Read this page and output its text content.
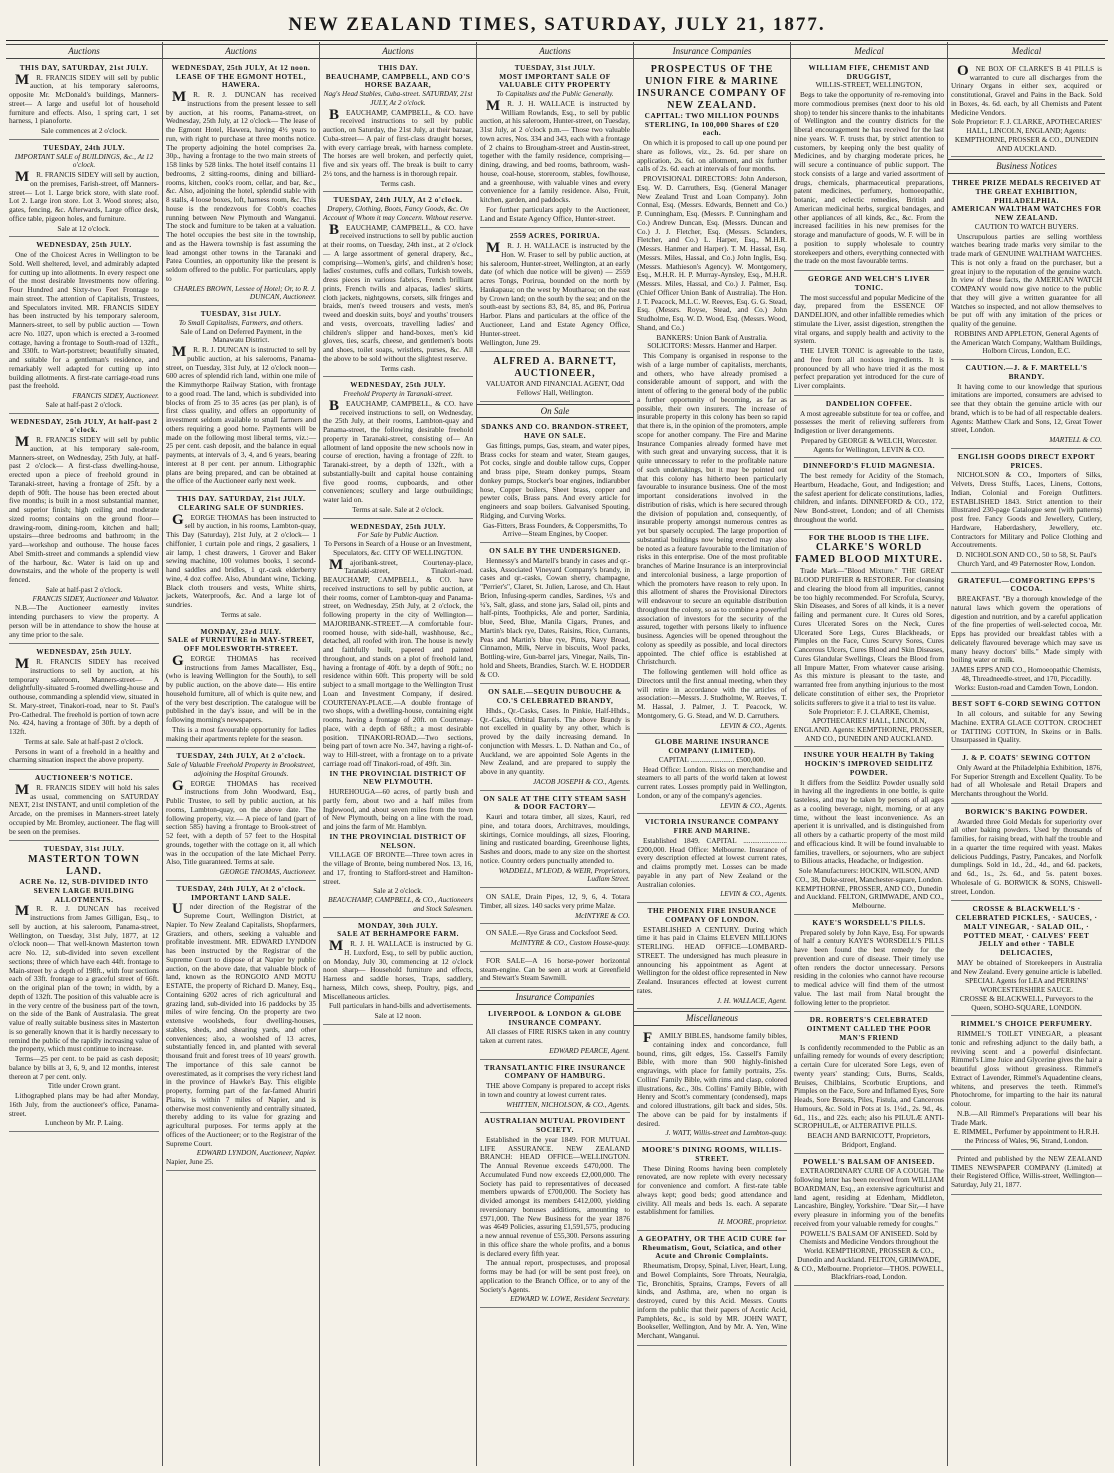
NEW ZEALAND TIMES, SATURDAY, JULY 21, 1877.
Auctions
THIS DAY, SATURDAY, 21st JULY.

MR. FRANCIS SIDEY will sell by public auction, at his temporary salerooms, opposite Mr. McDonald's buildings, Manners-street— A large and useful lot of household furniture and effects. Also, 1 spring cart, 1 set harness, 1 pianoforte.

Sale commences at 2 o'clock.
TUESDAY, 24th JULY.
IMPORTANT SALE of BUILDINGS, &c., At 12 o'clock.

MR. FRANCIS SIDEY will sell by auction, on the premises, Farish-street, off Manners-street— Lot 1. Large brick store, with slate roof. Lot 2. Large iron store. Lot 3. Wood stores; also, gates, fencing, &c. Afterwards, Large office desk, office table, pigeon holes, and furniture.

Sale at 12 o'clock.
WEDNESDAY, 25th JULY.

One of the Choicest Acres in Wellington to be Sold. Well sheltered, level, and admirably adapted for cutting up into allotments. In every respect one of the most desirable Investments now offering. Four Hundred and Sixty-two Feet Frontage to main street. The attention of Capitalists, Trustees, and Speculators invited. MR. FRANCIS SIDEY has been instructed by his temporary saleroom, Manners-street, to sell by public auction — Town acre No. 1027, upon which is erected a 3-roomed cottage, having a frontage to South-road of 132ft., and 330ft. to Wart-portstreet; beautifully situated, and suitable for a gentleman's residence, and remarkably well adapted for cutting up into building allotments. A first-rate carriage-road runs past the freehold.

FRANCIS SIDEY, Auctioneer.
Sale at half-past 2 o'clock.
WEDNESDAY, 25th JULY, At half-past 2 o'clock.

MR. FRANCIS SIDEY will sell by public auction, at his temporary sale-room, Manners-street, on Wednesday, 25th July, at half-past 2 o'clock— A first-class dwelling-house, erected upon a piece of freehold ground in Taranaki-street, having a frontage of 25ft. by a depth of 90ft. The house has been erected about five months; is built in a most substantial manner, and superior finish; high ceiling and moderate sized rooms; contains on the ground floor—drawing-room, dining-room, kitchen and hall; upstairs—three bedrooms and bathroom; in the yard—workshop and outhouse. The house faces Abel Smith-street and commands a splendid view of the harbour, &c. Water is laid on up and downstairs, and the whole of the property is well fenced.

Sale at half-past 2 o'clock.
FRANCIS SIDEY, Auctioneer and Valuator.

N.B.—The Auctioneer earnestly invites intending purchasers to view the property. A person will be in attendance to show the house at any time prior to the sale.

WEDNESDAY, 25th JULY.

MR. FRANCIS SIDEY has received instructions to sell by auction, at his temporary saleroom, Manners-street— A delightfully-situated 5-roomed dwelling-house and outhouse, commanding a splendid view, situated in St. Mary-street, Tinakori-road, near to St. Paul's Pro-Cathedral. The freehold is portion of town acre No. 424, having a frontage of 30ft. by a depth of 132ft.

Terms at sale. Sale at half-past 2 o'clock.

Persons in want of a freehold in a healthy and charming situation inspect the above property.

AUCTIONEER'S NOTICE.

MR. FRANCIS SIDEY will hold his sales as usual, commencing on SATURDAY NEXT, 21st INSTANT, and until completion of the Arcade, on the premises in Manners-street lately occupied by Mr. Bromley, auctioneer. The flag will be seen on the premises.

TUESDAY, 31st JULY.
MASTERTON TOWN LAND.
ACRE No. 12, SUB-DIVIDED INTO SEVEN LARGE BUILDING ALLOTMENTS.

MR. R. J. DUNCAN has received instructions from James Gilligan, Esq., to sell by auction, at his saleroom, Panama-street, Wellington, on Tuesday, 31st July, 1877, at 12 o'clock noon— That well-known Masterton town acre No. 12, sub-divided into seven excellent sections; three of which have each 44ft. frontage to Main-street by a depth of 198ft., with four sections each of 33ft. frontage to a graceful street of 66ft. on the original plan of the town; in width, by a depth of 132ft. The position of this valuable acre is in the very centre of the business part of the town, on the side of the Bank of Australasia. The great value of really suitable business sites in Masterton is so generally known that it is hardly necessary to remind the public of the rapidly increasing value of the property, which must continue to increase.

Terms—25 per cent. to be paid as cash deposit; balance by bills at 3, 6, 9, and 12 months, interest thereon at 7 per cent. only.

Title under Crown grant.

Lithographed plans may be had after Monday, 16th July, from the auctioneer's office, Panama-street.

Luncheon by Mr. P. Laing.
Auctions
WEDNESDAY, 25th JULY, At 12 noon.
LEASE OF THE EGMONT HOTEL, HAWERA.

MR. R. J. DUNCAN has received instructions from the present lessee to sell by auction, at his rooms, Panama-street, on Wednesday, 25th July, at 12 o'clock— The lease of the Egmont Hotel, Hawera, having 4½ years to run, with right to purchase at three months notice. The property adjoining the hotel comprises 2a. 30p., having a frontage to the two main streets of 158 links by 528 links. The hotel itself contains 11 bedrooms, 2 sitting-rooms, dining and billiard-rooms, kitchen, cook's room, cellar, and bar, &c., &c. Also, adjoining the hotel, splendid stable with 8 stalls, 4 loose boxes, loft, harness room, &c. This house is the rendezvous for Cobb's coaches running between New Plymouth and Wanganui. The stock and furniture to be taken at a valuation. The hotel occupies the best site in the township, and as the Hawera township is fast assuming the lead amongst other towns in the Taranaki and Patea Counties, an opportunity like the present is seldom offered to the public. For particulars, apply to

CHARLES BROWN, Lessee of Hotel; Or, to R. J. DUNCAN, Auctioneer.
TUESDAY, 31st JULY.
To Small Capitalists, Farmers, and others.
Sale of Land on Deferred Payment, in the Manawatu District.

MR. R. J. DUNCAN is instructed to sell by public auction, at his salerooms, Panama-street, on Tuesday, 31st July, at 12 o'clock noon— 600 acres of splendid rich land, within one mile of the Kimmythorpe Railway Station, with frontage to a good road. The land, which is subdivided into blocks of from 25 to 35 acres (as per plan), is of first class quality, and offers an opportunity of investment seldom available to small farmers and others requiring a good home. Payments will be made on the following most liberal terms, viz.:—25 per cent. cash deposit, and the balance in equal payments, at intervals of 3, 4, and 6 years, bearing interest at 8 per cent. per annum. Lithographic plans are being prepared, and can be obtained at the office of the Auctioneer early next week.

THIS DAY. SATURDAY, 21st JULY.
CLEARING SALE OF SUNDRIES.

GEORGE THOMAS has been instructed to sell by auction, in his rooms, Lambton-quay, This Day (Saturday), 21st July, at 2 o'clock— 1 chiffonier, 1 curtain pole and rings, 2 gasaliers, 1 air lamp, 1 chest drawers, 1 Grover and Baker sewing machine, 100 volumes books, 1 second-hand saddles and bridles, 1 qr.-cask elderberry wine, 4 doz coffee. Also, Abundant wine, Ticking, Black cloth trousers and vests, White shirts, jackets, Waterproofs, &c. And a large lot of sundries.

Terms at sale.
MONDAY, 23rd JULY.
SALE of FURNITURE in MAY-STREET, OFF MOLESWORTH-STREET.

GEORGE THOMAS has received instructions from James Macallister, Esq., (who is leaving Wellington for the South), to sell by public auction, on the above date— His entire household furniture, all of which is quite new, and of the very best description. The catalogue will be published in the day's issue, and will be in the following morning's newspapers.

This is a most favourable opportunity for ladies making their apartments replete for the season.

TUESDAY, 24th JULY, At 2 o'clock.
Sale of Valuable Freehold Property in Brookstreet, adjoining the Hospital Grounds.

GEORGE THOMAS has received instructions from John Woodward, Esq., Public Trustee, to sell by public auction, at his rooms, Lambton-quay, on the above date. The following property, viz.— A piece of land (part of section 585) having a frontage to Brook-street of 52 feet, with a depth of 57 feet to the Hospital grounds, together with the cottage on it, all which was in the occupation of the late Michael Perry. Also, Title guaranteed. Terms at sale.

GEORGE THOMAS, Auctioneer.
TUESDAY, 24th JULY, At 2 o'clock.
IMPORTANT LAND SALE.

Under direction of the Registrar of the Supreme Court, Wellington District, at Napier. To New Zealand Capitalists, Shopfarmers, Graziers, and others, seeking a valuable and profitable investment. MR. EDWARD LYNDON has been instructed by the Registrar of the Supreme Court to dispose of at Napier by public auction, on the above date, that valuable block of land, known as the RONGOIO AND MOTU ESTATE, the property of Richard D. Maney, Esq., Containing 6202 acres of rich agricultural and grazing land, sub-divided into 16 paddocks by 35 miles of wire fencing. On the property are two extensive woolsheds, four dwelling-houses, stables, sheds, and shearing yards, and other conveniences; also, a woolshed of 13 acres, substantially fenced in, and planted with several thousand fruit and forest trees of 10 years' growth. The importance of this sale cannot be overestimated, as it comprises the very richest land in the province of Hawke's Bay. This eligible property, forming part of the far-famed Ahuriri Plains, is within 7 miles of Napier, and is otherwise most conveniently and centrally situated, thereby adding to its value for grazing and agricultural purposes. For terms apply at the offices of the Auctioneer; or to the Registrar of the Supreme Court.

EDWARD LYNDON, Auctioneer, Napier.
Napier, June 25.
Auctions
THIS DAY.
BEAUCHAMP, CAMPBELL, AND CO'S HORSE BAZAAR,
Nag's Head Stables, Cuba-street. SATURDAY, 21st JULY, At 2 o'clock.

BEAUCHAMP, CAMPBELL, & CO. have received instructions to sell by public auction, on Saturday, the 21st July, at their bazaar, Cuba-street— A pair of first-class draught horses, with every carriage break, with harness complete. The horses are well broken, and perfectly quiet, five and six years off. The break is built to carry 2½ tons, and the harness is in thorough repair.

Terms cash.
TUESDAY, 24th JULY, At 2 o'clock.
Drapery, Clothing, Boots, Fancy Goods, &c. On Account of Whom it may Concern. Without reserve.

BEAUCHAMP, CAMPBELL, & CO. have received instructions to sell by public auction at their rooms, on Tuesday, 24th inst., at 2 o'clock— A large assortment of general drapery, &c., comprising—Women's, girls', and children's hose; ladies' costumes, cuffs and collars, Turkish towels, dress pieces in various fabrics, French brilliant prints, French twills and alpacas, ladies' skirts, cloth jackets, nightgowns, corsets, silk fringes and braids, men's tweed trousers and vests, men's tweed and doeskin suits, boys' and youths' trousers and vests, overcoats, travelling ladies' and children's slipper and hand-boxes, men's kid gloves, ties, scarfs, cheese, and gentlemen's boots and shoes, toilet soaps, wristlets, purses, &c. All the above to be sold without the slightest reserve.

Terms cash.
WEDNESDAY, 25th JULY.
Freehold Property in Taranaki-street.

BEAUCHAMP, CAMPBELL, & CO. have received instructions to sell, on Wednesday, the 25th July, at their rooms, Lambton-quay and Panama-street, the following desirable freehold property in Taranaki-street, consisting of— An allotment of land opposite the new schools now in course of erection, having a frontage of 22ft. to Taranaki-street, by a depth of 132ft., with a substantially-built and capital house containing five good rooms, cupboards, and other conveniences; scullery and large outbuildings; water laid on.

Terms at sale. Sale at 2 o'clock.
WEDNESDAY, 25th JULY.
For Sale by Public Auction.
To Persons in Search of a House or an Investment, Speculators, &c. CITY OF WELLINGTON.

Majoribank-street, Courtenay-place, Taranaki-street, Tinakori-road. BEAUCHAMP, CAMPBELL, & CO. have received instructions to sell by public auction, at their rooms, corner of Lambton-quay and Panama-street, on Wednesday, 25th July, at 2 o'clock, the following property in the city of Wellington— MAJORIBANK-STREET.—A comfortable four-roomed house, with side-hall, washhouse, &c., detached, all roofed with iron. The house is newly and faithfully built, papered and painted throughout, and stands on a plot of freehold land, having a frontage of 40ft. by a depth of 90ft.; no residence within 60ft. This property will be sold subject to a small mortgage to the Wellington Trust Loan and Investment Company, if desired. COURTENAY-PLACE.—A double frontage of two shops, with a dwelling-house, containing eight rooms, having a frontage of 20ft. on Courtenay-place, with a depth of 68ft.; a most desirable position. TINAKORI-ROAD.—Two sections, being part of town acre No. 347, having a right-of-way to Hill-street, with a frontage on to a private carriage road off Tinakori-road, of 49ft. 3in.

IN THE PROVINCIAL DISTRICT OF NEW PLYMOUTH.

HUREHOUGA—60 acres, of partly bush and partly fern, about two and a half miles from Inglewood, and about seven miles from the town of New Plymouth, being on a line with the road, and joins the farm of Mr. Hamblyn.

IN THE PROVINCIAL DISTRICT OF NELSON.

VILLAGE OF BRONTE—Three town acres in the village of Bronte, being numbered Nos. 13, 16, and 17, fronting to Stafford-street and Hamilton-street.

Sale at 2 o'clock.
BEAUCHAMP, CAMPBELL, & CO., Auctioneers and Stock Salesmen.
MONDAY, 30th JULY.
SALE AT BERHAMPORE FARM.

MR. J. H. WALLACE is instructed by G. H. Luxford, Esq., to sell by public auction, on Monday, July 30, commencing at 12 o'clock noon sharp— Household furniture and effects, Harness and saddle horses, Traps, saddlery, harness, Milch cows, sheep, Poultry, pigs, and Miscellaneous articles.

Full particulars in hand-bills and advertisements.

Sale at 12 noon.
Auctions
TUESDAY, 31st JULY.
MOST IMPORTANT SALE OF VALUABLE CITY PROPERTY
To Capitalists and the Public Generally.

MR. J. H. WALLACE is instructed by William Rowlands, Esq., to sell by public auction, at his saleroom, Hunter-street, on Tuesday, 31st July, at 2 o'clock p.m.— Those two valuable town acres, Nos. 334 and 343, each with a frontage of 2 chains to Brougham-street and Austin-street, together with the family residence, comprising—dining, drawing, and bed rooms, bathroom, wash-house, coal-house, storeroom, stables, fowlhouse, and a greenhouse, with valuable vines and every convenience for a family residence. Also, Fruit, kitchen, garden, and paddocks.

For further particulars apply to the Auctioneer, Land and Estate Agency Office, Hunter-street.

2559 ACRES, PORIRUA.

MR. J. H. WALLACE is instructed by the Hon. W. Fraser to sell by public auction, at his saleroom, Hunter-street, Wellington, at an early date (of which due notice will be given) — 2559 acres Tongs, Porirua, bounded on the north by Haukapaua; on the west by Moutharoa; on the east by Crown land; on the south by the sea; and on the south-east by sections 83, 84, 85, and 86, Porirua Harbor. Plans and particulars at the office of the Auctioneer, Land and Estate Agency Office, Hunter-street.

Wellington, June 29.
ALFRED A. BARNETT, AUCTIONEER,
VALUATOR AND FINANCIAL AGENT, Odd Fellows' Hall, Wellington.
On Sale
SDANKS AND CO. BRANDON-STREET, HAVE ON SALE.

Gas fittings, pumps, Gas, steam, and water pipes, Brass cocks for steam and water, Steam gauges, Pot cocks, single and double tallow cups, Copper and brass pipe, Steam donkey pumps, Steam donkey pumps, Stocker's boar engines, indiarubber hose, Copper boilers, Sheet brass, copper and pewter coils, Brass pans. And every article for engineers and soap boilers. Galvanised Spouting, Ridging, and Curving Works.

Gas-Fitters, Brass Founders, & Coppersmiths, To Arrive—Steam Engines, by Cooper.
ON SALE BY THE UNDERSIGNED.

Hennessy's and Martell's brandy in cases and qr.-casks, Associated Vineyard Company's brandy, in cases and qr.-casks, Cowan sherry, champagne, "Perrier's", Claret, St. Julien, Larose, and Ch. Haut Brion, Infusing-sperm candles, Sardines, ½'s and ¼'s, Salt, glass, and stone jars, Salad oil, pints and half-pints, Toothpicks, Ale and porter, Sardinia, blue, Seed, Blue, Manila Cigars, Prunes, and Martin's black rye, Dates, Raisins, Rice, Currants, Peas and Martin's blue rye, Pints, Navy Bread, Cinnamon, Milk, Nerve in biscuits, Wool packs, Bottling-wire, Gun-barrel jars, Vinegar, Nails, Tin-hold and Sheets, Brandies, Starch. W. E. HODDER & CO.

ON SALE.—SEQUIN DUBOUCHE & CO.'S CELEBRATED BRANDY,

Hhds., Qr.-Casks, Cases. In Pinkie, Half-Hhds., Qr.-Casks, Orbital Barrels. The above Brandy is not excelled in quality by any other, which is proved by the daily increasing demand. In conjunction with Messrs. L. D. Nathan and Co., of Auckland, we are appointed Sole Agents in the New Zealand, and are prepared to supply the above in any quantity.

JACOB JOSEPH & CO., Agents.
ON SALE AT THE CITY STEAM SASH & DOOR FACTORY—

Kauri and totara timber, all sizes, Kauri, red pine, and totara doors, Architraves, mouldings, skirtings, Cornice mouldings, all sizes, Flooring, lining and rusticated boarding, Greenhouse lights, Sashes and doors, made to any size on the shortest notice. Country orders punctually attended to.

WADDELL, M'LEOD, & WEIR, Proprietors, Ludlam Street.

ON SALE, Drain Pipes, 12, 9, 6, 4. Totara Timber, all sizes. 140 sacks very prime Malze.

McINTYRE & CO.

ON SALE.—Rye Grass and Cocksfoot Seed.

McINTYRE & CO., Custom House-quay.

FOR SALE—A 16 horse-power horizontal steam-engine. Can be seen at work at Greenfield and Stewart's Steam Sawmill.

Insurance Companies
LIVERPOOL & LONDON & GLOBE INSURANCE COMPANY.

All classes of FIRE RISKS taken in any country taken at current rates.

EDWARD PEARCE, Agent.
TRANSATLANTIC FIRE INSURANCE COMPANY OF HAMBURG.

THE above Company is prepared to accept risks in town and country at lowest current rates.

WHITTEN, NICHOLSON, & CO., Agents.
AUSTRALIAN MUTUAL PROVIDENT SOCIETY.

Established in the year 1849. FOR MUTUAL LIFE ASSURANCE. NEW ZEALAND BRANCH: HEAD OFFICE—WELLINGTON. The Annual Revenue exceeds £470,000. The Accumulated Fund now exceeds £2,000,000. The Society has paid to representatives of deceased members upwards of £700,000. The Society has divided amongst its members £412,000, yielding reversionary bonuses additions, amounting to £971,000. The New Business for the year 1876 was 4649 Policies, assuring £1,591,575, producing a new annual revenue of £55,300. Persons assuring in this office share the whole profits, and a bonus is declared every fifth year.

The annual report, prospectuses, and proposal forms may be had (or will be sent post free), on application to the Branch Office, or to any of the Society's Agents.

EDWARD W. LOWE, Resident Secretary.
Insurance Companies
PROSPECTUS OF THE UNION FIRE & MARINE INSURANCE COMPANY OF NEW ZEALAND.
CAPITAL: TWO MILLION POUNDS STERLING, In 100,000 Shares of £20 each.

On which it is proposed to call up one pound per share as follows, viz., 2s. 6d. per share on application, 2s. 6d. on allotment, and six further calls of 2s. 6d. each at intervals of four months.

PROVISIONAL DIRECTORS: John Anderson, Esq. W. D. Carruthers, Esq. (General Manager New Zealand Trust and Loan Company). John Connal, Esq. (Messrs. Edwards, Bennett and Co.) P. Cunningham, Esq. (Messrs. P. Cunningham and Co.) Andrew Duncan, Esq. (Messrs. Duncan and Co.) J. J. Fletcher, Esq. (Messrs. Sclanders, Fletcher, and Co.) L. Harper, Esq., M.H.R. (Messrs. Hanmer and Harper). T. M. Hassal, Esq. (Messrs. Miles, Hassal, and Co.) John Inglis, Esq. (Messrs. Mathieson's Agency). W. Montgomery, Esq., M.H.R. H. P. Murray-Aynsley, Esq., M.H.R. (Messrs. Miles, Hassal, and Co.) J. Palmer, Esq. (Chief Officer Union Bank of Australia). The Hon. J. T. Peacock, M.L.C. W. Reeves, Esq. G. G. Stead, Esq. (Messrs. Royse, Stead, and Co.) John Studholme, Esq. W. D. Wood, Esq. (Messrs. Wood, Shand, and Co.)

BANKERS: Union Bank of Australia.
SOLICITORS: Messrs. Hanmer and Harper.

This Company is organised in response to the wish of a large number of capitalists, merchants, and others, who have already promised a considerable amount of support, and with the intent of offering to the general body of the public a further opportunity of becoming, as far as possible, their own insurers. The increase of insurable property in this colony has been so rapid that there is, in the opinion of the promoters, ample scope for another company. The Fire and Marine Insurance Companies already formed have met with such great and unvarying success, that it is quite unnecessary to refer to the profitable nature of such undertakings, but it may be pointed out that this colony has hitherto been particularly favourable to insurance business. One of the most important considerations involved in the distribution of risks, which is here secured through the division of population and, consequently, of insurable property amongst numerous centres as yet but sparsely occupied. The large proportion of substantial buildings now being erected may also be noted as a feature favourable to the limitation of risks in this enterprise. One of the most profitable branches of Marine Insurance is an interprovincial and intercolonial business, a large proportion of which the promoters have reason to rely upon. In this allotment of shares the Provisional Directors will endeavour to secure an equitable distribution throughout the colony, so as to combine a powerful association of investors for the security of the assured, together with persons likely to influence business. Agencies will be opened throughout the colony as speedily as possible, and local directors appointed. The chief office is established at Christchurch.

The following gentlemen will hold office as Directors until the first annual meeting, when they will retire in accordance with the articles of association:—Messrs. J. Studholme, W. Reeves, T. M. Hassal, J. Palmer, J. T. Peacock, W. Montgomery, G. G. Stead, and W. D. Carruthers.

LEVIN & CO., Agents.
GLOBE MARINE INSURANCE COMPANY (LIMITED).
CAPITAL ........................ £500,000.

Head Office: London. Risks on merchandise and steamers to all parts of the world taken at lowest current rates. Losses promptly paid in Wellington, London, or any of the company's agencies.

LEVIN & CO., Agents.
VICTORIA INSURANCE COMPANY FIRE AND MARINE.

Established 1849. CAPITAL ........................ £200,000. Head Office: Melbourne. Insurance of every description effected at lowest current rates, and claims promptly met. Losses can be made payable in any part of New Zealand or the Australian colonies.

LEVIN & CO., Agents.
THE PHOENIX FIRE INSURANCE COMPANY OF LONDON.

ESTABLISHED A CENTURY. During which time it has paid in Claims ELEVEN MILLIONS STERLING. HEAD OFFICE—LOMBARD-STREET. The undersigned has much pleasure in announcing his appointment as Agent at Wellington for the oldest office represented in New Zealand. Insurances effected at lowest current rates.

J. H. WALLACE, Agent.
Miscellaneous

FAMILY BIBLES, handsome family bibles, containing index and concordance, full bound, rims, gilt edges, 15s. Cassell's Family Bible, with more than 900 highly-finished engravings, with place for family portraits, 25s. Collins' Family Bible, with rims and clasp, colored illustrations, &c., 30s. Collins' Family Bible, with Henry and Scott's commentary (condensed), maps and colored illustrations, gilt back and sides, 50s. The above can be paid for by instalments if desired.

J. WATT, Willis-street and Lambton-quay.
MOORE'S DINING ROOMS, WILLIS-STREET.

These Dining Rooms having been completely renovated, are now replete with every necessary for convenience and comfort. A first-rate table always kept; good beds; good attendance and civility. All meals and beds 1s. each. A separate establishment for families.

H. MOORE, proprietor.
A GEOPATHY, OR THE ACID CURE for Rheumatism, Gout, Sciatica, and other Acute and Chronic Complaints.

Rheumatism, Dropsy, Spinal, Liver, Heart, Lung, and Bowel Complaints, Sore Throats, Neuralgia, Tic, Bronchitis, Sprains, Cramps, Fevers of all kinds, and Asthma, are, when no organ is destroyed, cured by this Acid. Messrs. Coutts inform the public that their papers of Acetic Acid, Pamphlets, &c., is sold by MR. JOHN WATT, Bookseller, Wellington, And by Mr. A. Yen, Wine Merchant, Wanganui.

Medical
WILLIAM FIFE, CHEMIST AND DRUGGIST,
WILLIS-STREET, WELLINGTON,

Begs to take the opportunity of re-removing into more commodious premises (next door to his old shop) to tender his sincere thanks to the inhabitants of Wellington and the country districts for the liberal encouragement he has received for the last nine years. W. F. trusts that, by strict attention to customers, by keeping only the best quality of Medicines, and by charging moderate prices, he will secure a continuance of public support. The stock consists of a large and varied assortment of drugs, chemicals, pharmaceutical preparations, patent medicines, perfumery, homoeopathic, botanic, and eclectic remedies, British and American medicinal herbs, surgical bandages, and other appliances of all kinds, &c., &c. From the increased facilities in his new premises for the storage and manufacture of goods, W. F. will be in a position to supply wholesale to country storekeepers and others, everything connected with the trade on the most favourable terms.

GEORGE AND WELCH'S LIVER TONIC.

The most successful and popular Medicine of the day, prepared from the ESSENCE OF DANDELION, and other infallible remedies which stimulate the Liver, assist digestion, strengthen the vital organs, and supply health and activity to the system.

THE LIVER TONIC is agreeable to the taste, and free from all noxious ingredients. It is pronounced by all who have tried it as the most perfect preparation yet introduced for the cure of Liver complaints.

DANDELION COFFEE.

A most agreeable substitute for tea or coffee, and possesses the merit of relieving sufferers from Indigestion or liver derangements.

Prepared by GEORGE & WELCH, Worcester. Agents for Wellington, LEVIN & CO.
DINNEFORD'S FLUID MAGNESIA.

The best remedy for Acidity of the Stomach, Heartburn, Headache, Gout, and Indigestion; and the safest aperient for delicate constitutions, ladies, children, and infants. DINNEFORD & CO., 172, New Bond-street, London; and of all Chemists throughout the world.

FOR THE BLOOD IS THE LIFE.
CLARKE'S WORLD FAMED BLOOD MIXTURE.

Trade Mark—"Blood Mixture." THE GREAT BLOOD PURIFIER & RESTORER. For cleansing and clearing the blood from all impurities, cannot be too highly recommended. For Scrofula, Scurvy, Skin Diseases, and Sores of all kinds, it is a never failing and permanent cure. It Cures old Sores, Cures Ulcerated Sores on the Neck, Cures Ulcerated Sore Legs, Cures Blackheads, or Pimples on the Face, Cures Scurvy Sores, Cures Cancerous Ulcers, Cures Blood and Skin Diseases, Cures Glandular Swellings, Clears the Blood from all Impure Matter, From whatever cause arising. As this mixture is pleasant to the taste, and warranted free from anything injurious to the most delicate constitution of either sex, the Proprietor solicits sufferers to give it a trial to test its value.

Sole Proprietor: F. J. CLARKE, Chemist, APOTHECARIES' HALL, LINCOLN, ENGLAND. Agents: KEMPTHORNE, PROSSER, AND CO., DUNEDIN AND AUCKLAND.
INSURE YOUR HEALTH By Taking HOCKIN'S IMPROVED SEIDLITZ POWDER.

It differs from the Seidlitz Powder usually sold in having all the ingredients in one bottle, is quite tasteless, and may be taken by persons of all ages as a cooling beverage, night, morning, or at any time, without the least inconvenience. As an aperient it is unrivalled, and is distinguished from all others by a cathartic property of the most mild and efficacious kind. It will be found invaluable to families, travellers, or sojourners, who are subject to Bilious attacks, Headache, or Indigestion.

Sole Manufacturers: HOCKIN, WILSON, AND CO., 38, Duke-street, Manchester-square, London. KEMPTHORNE, PROSSER, AND CO., Dunedin and Auckland. FELTON, GRIMWADE, AND CO., Melbourne.
KAYE'S WORSDELL'S PILLS.

Prepared solely by John Kaye, Esq. For upwards of half a century KAYE'S WORSDELL'S PILLS have been found the best remedy for the prevention and cure of disease. Their timely use often renders the doctor unnecessary. Persons residing in the colonies who cannot have recourse to medical advice will find them of the utmost value. The last mail from Natal brought the following letter to the proprietor.

DR. ROBERTS'S CELEBRATED OINTMENT CALLED THE POOR MAN'S FRIEND

Is confidently recommended to the Public as an unfailing remedy for wounds of every description; a certain Cure for ulcerated Sore Legs, even of twenty years' standing; Cuts, Burns, Scalds, Bruises, Chilblains, Scorbutic Eruptions, and Pimples on the Face, Sore and Inflamed Eyes, Sore Heads, Sore Breasts, Piles, Fistula, and Cancerous Humours, &c. Sold in Pots at 1s. 1½d., 2s. 9d., 4s. 6d., 11s., and 22s. each; also his PILULÆ ANTI-SCROPHULÆ, or ALTERATIVE PILLS.

BEACH AND BARNICOTT, Proprietors, Bridport, England.
POWELL'S BALSAM OF ANISEED.

EXTRAORDINARY CURE OF A COUGH. The following letter has been received from WILLIAM BOARDMAN, Esq., an extensive agriculturist and land agent, residing at Edenham, Middleton, Lancashire, Bingley, Yorkshire. "Dear Sir,—I have every pleasure in informing you of the benefits received from your valuable remedy for coughs."

POWELL'S BALSAM OF ANISEED. Sold by Chemists and Medicine Vendors throughout the World. KEMPTHORNE, PROSSER & CO., Dunedin and Auckland. FELTON, GRIMWADE, & CO., Melbourne. Proprietor—THOS. POWELL, Blackfriars-road, London.
Medical

ONE BOX OF CLARKE'S B 41 PILLS is warranted to cure all discharges from the Urinary Organs in either sex, acquired or constitutional, Gravel and Pains in the Back. Sold in Boxes, 4s. 6d. each, by all Chemists and Patent Medicine Vendors.

Sole Proprietor: F. J. CLARKE, APOTHECARIES' HALL, LINCOLN, ENGLAND; Agents: KEMPTHORNE, PROSSER & CO., DUNEDIN AND AUCKLAND.
Business Notices
THREE PRIZE MEDALS RECEIVED AT THE GREAT EXHIBITION, PHILADELPHIA.
AMERICAN WALTHAM WATCHES FOR NEW ZEALAND.
CAUTION TO WATCH BUYERS.

Unscrupulous parties are selling worthless watches bearing trade marks very similar to the trade mark of GENUINE WALTHAM WATCHES. This is not only a fraud on the purchaser, but a great injury to the reputation of the genuine watch. In view of these facts, the AMERICAN WATCH COMPANY would now give notice to the public that they will give a written guarantee for all Watches so inspected, and not allow themselves to be put off with any imitation of the prices or quality of the genuine.

ROBBINS AND APPLETON, General Agents of the American Watch Company, Waltham Buildings, Holborn Circus, London, E.C.
CAUTION.—J. & F. MARTELL'S BRANDY.

It having come to our knowledge that spurious imitations are imported, consumers are advised to see that they obtain the genuine article with our brand, which is to be had of all respectable dealers. Agents: Matthew Clark and Sons, 12, Great Tower street, London.

MARTELL & CO.
ENGLISH GOODS DIRECT EXPORT PRICES.

NICHOLSON & CO., Importers of Silks, Velvets, Dress Stuffs, Laces, Linens, Cottons, Indian, Colonial and Foreign Outfitters. ESTABLISHED 1843. Strict attention to their illustrated 230-page Catalogue sent (with patterns) post free. Fancy Goods and Jewellery, Cutlery, Hardware, Haberdashery, Jewellery, etc. Contractors for Military and Police Clothing and Accoutrements.

D. NICHOLSON AND CO., 50 to 58, St. Paul's Church Yard, and 49 Paternoster Row, London.
GRATEFUL—COMFORTING EPPS'S COCOA.

BREAKFAST. "By a thorough knowledge of the natural laws which govern the operations of digestion and nutrition, and by a careful application of the fine properties of well-selected cocoa, Mr. Epps has provided our breakfast tables with a delicately flavoured beverage which may save us many heavy doctors' bills." Made simply with boiling water or milk.

JAMES EPPS AND CO., Homoeopathic Chemists, 48, Threadneedle-street, and 170, Piccadilly. Works: Euston-road and Camden Town, London.
BEST SOFT 6-CORD SEWING COTTON

In all colours, and suitable for any Sewing Machine. EXTRA GLACE COTTON. CROCHET or TATTING COTTON, In Skeins or in Balls. Unsurpassed in Quality.

J. & P. COATS' SEWING COTTON

Only Award at the Philadelphia Exhibition, 1876, For Superior Strength and Excellent Quality. To be had of all Wholesale and Retail Drapers and Merchants throughout the World.

BORWICK'S BAKING POWDER.

Awarded three Gold Medals for superiority over all other baking powders. Used by thousands of families, for raising bread, with half the trouble and in a quarter the time required with yeast. Makes delicious Puddings, Pastry, Pancakes, and Norfolk dumplings. Sold in 1d., 2d., 4d., and 6d. packets, and 6d., 1s., 2s. 6d., and 5s. patent boxes. Wholesale of G. BORWICK & SONS, Chiswell-street, London.

CROSSE & BLACKWELL'S · CELEBRATED PICKLES, · SAUCES, · MALT VINEGAR, · SALAD OIL, · POTTED MEAT, · CALVES' FEET JELLY and other · TABLE DELICACIES,

MAY be obtained of Storekeepers in Australia and New Zealand. Every genuine article is labelled.

SPECIAL Agents for LEA and PERRINS' WORCESTERSHIRE SAUCE.
CROSSE & BLACKWELL, Purveyors to the Queen, SOHO-SQUARE, LONDON.
RIMMEL'S CHOICE PERFUMERY.

RIMMEL'S TOILET VINEGAR, a pleasant tonic and refreshing adjunct to the daily bath, a reviving scent and a powerful disinfectant. Rimmel's Lime Juice and Glycerine gives the hair a beautiful gloss without greasiness. Rimmel's Extract of Lavender, Rimmel's Aquadentine cleans, whitens, and preserves the teeth. Rimmel's Photochrome, for imparting to the hair its natural colour.

N.B.—All Rimmel's Preparations will bear his Trade Mark.

E. RIMMEL, Perfumer by appointment to H.R.H. the Princess of Wales, 96, Strand, London.

Printed and published by the NEW ZEALAND TIMES NEWSPAPER COMPANY (Limited) at their Registered Office, Willis-street, Wellington—Saturday, July 21, 1877.
